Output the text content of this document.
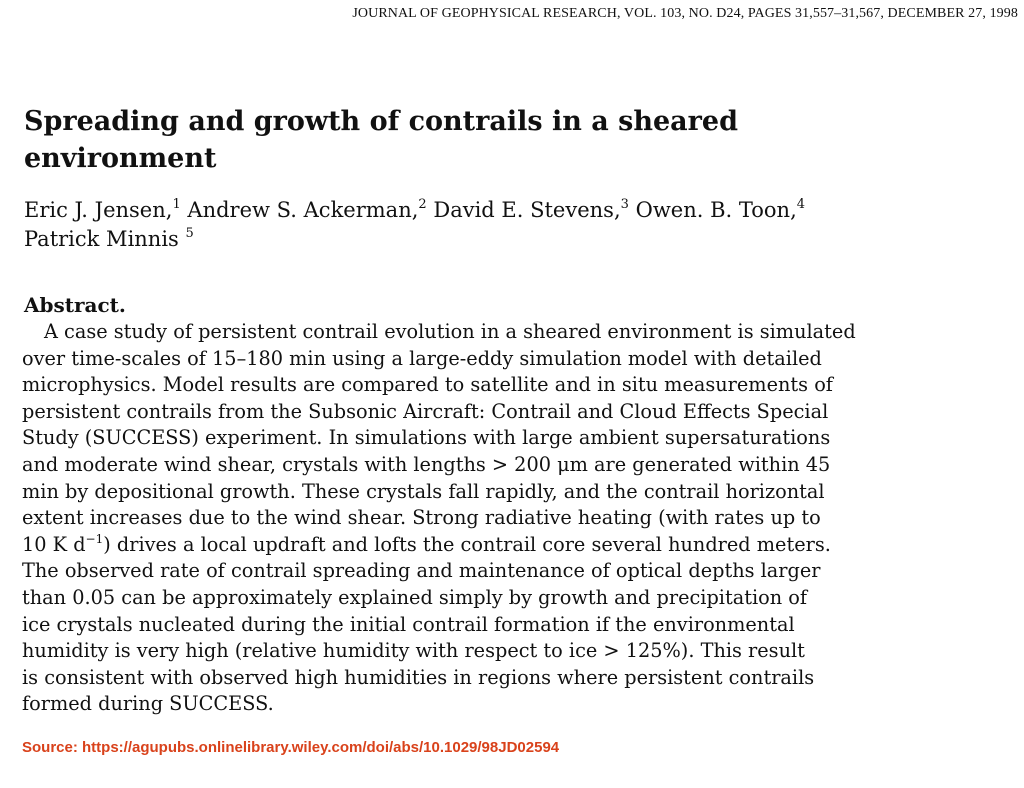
JOURNAL OF GEOPHYSICAL RESEARCH, VOL. 103, NO. D24, PAGES 31,557–31,567, DECEMBER 27, 1998
Spreading and growth of contrails in a sheared
environment
Eric J. Jensen,$^1$ Andrew S. Ackerman,$^2$ David E. Stevens,$^3$ Owen. B. Toon,$^4$
Patrick Minnis $^5$
Abstract.
A case study of persistent contrail evolution in a sheared environment is simulated
over time-scales of 15–180 min using a large-eddy simulation model with detailed
microphysics. Model results are compared to satellite and in situ measurements of
persistent contrails from the Subsonic Aircraft: Contrail and Cloud Effects Special
Study (SUCCESS) experiment. In simulations with large ambient supersaturations
and moderate wind shear, crystals with lengths > 200 μm are generated within 45
min by depositional growth. These crystals fall rapidly, and the contrail horizontal
extent increases due to the wind shear. Strong radiative heating (with rates up to
10 K $d^{-1}$) drives a local updraft and lofts the contrail core several hundred meters.
The observed rate of contrail spreading and maintenance of optical depths larger
than 0.05 can be approximately explained simply by growth and precipitation of
ice crystals nucleated during the initial contrail formation if the environmental
humidity is very high (relative humidity with respect to ice > 125%). This result
is consistent with observed high humidities in regions where persistent contrails
formed during SUCCESS.
Source: https://agupubs.onlinelibrary.wiley.com/doi/abs/10.1029/98JD02594
